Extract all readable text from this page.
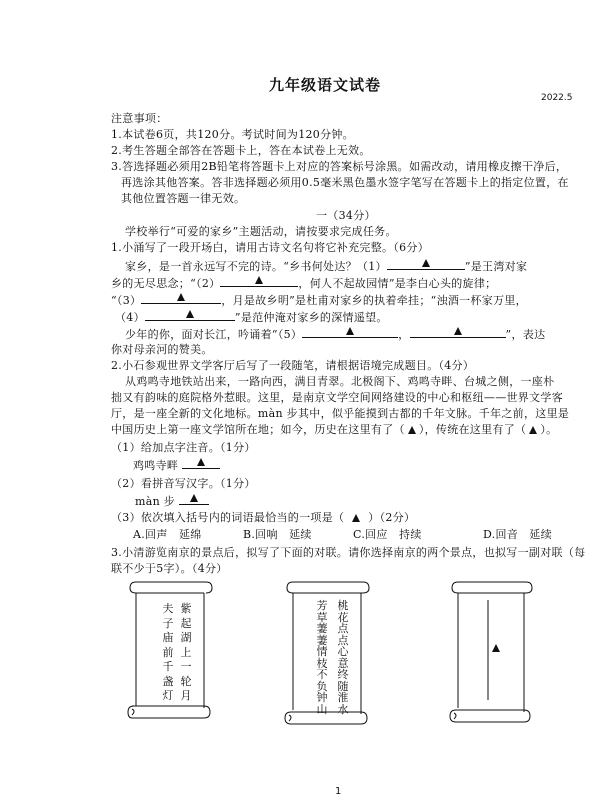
九年级语文试卷
2022.5
注意事项：
1.本试卷6页，共120分。考试时间为120分钟。
2.考生答题全部答在答题卡上，答在本试卷上无效。
3.答选择题必须用2B铅笔将答题卡上对应的答案标号涂黑。如需改动，请用橡皮擦干净后，
再选涂其他答案。答非选择题必须用0.5毫米黑色墨水签字笔写在答题卡上的指定位置，在
其他位置答题一律无效。
一（34分）
学校举行“可爱的家乡”主题活动，请按要求完成任务。
1.小涌写了一段开场白，请用古诗文名句将它补充完整。（6分）
家乡，是一首永远写不完的诗。“乡书何处达？（1）	”是王湾对家
乡的无尽思念；“（2）	，何人不起故园情”是李白心头的旋律；
“（3）	，月是故乡明”是杜甫对家乡的执着牵挂；“浊酒一杯家万里，
（4）	”是范仲淹对家乡的深情遥望。
少年的你，面对长江，吟诵着“（5）	，	”，表达
你对母亲河的赞美。
2.小石参观世界文学客厅后写了一段随笔，请根据语境完成题目。（4分）
从鸡鸣寺地铁站出来，一路向西，满目青翠。北极阁下、鸡鸣寺畔、台城之侧，一座朴
拙又有韵味的庭院格外惹眼。这里，是南京文学空间网络建设的中心和枢纽——世界文学客
厅，是一座全新的文化地标。màn 步其中，似乎能摸到古都的千年文脉。千年之前，这里是
中国历史上第一座文学馆所在地；如今，历史在这里有了（ ），传统在这里有了（ ）。
（1）给加点字注音。（1分）
鸡鸣寺畔
（2）看拼音写汉字。（1分）
màn 步
（3）依次填入括号内的词语最恰当的一项是（ ）（2分）
A.回声　延绵	B.回响　延续	C.回应　持续	D.回音　延续
3.小清游览南京的景点后，拟写了下面的对联。请你选择南京的两个景点，也拟写一副对联（每
联不少于5字）。（4分）
紫起湖上一轮月
夫子庙前千盏灯
桃花点点心意终随淮水
芳草萋萋情枝不负钟山
1
